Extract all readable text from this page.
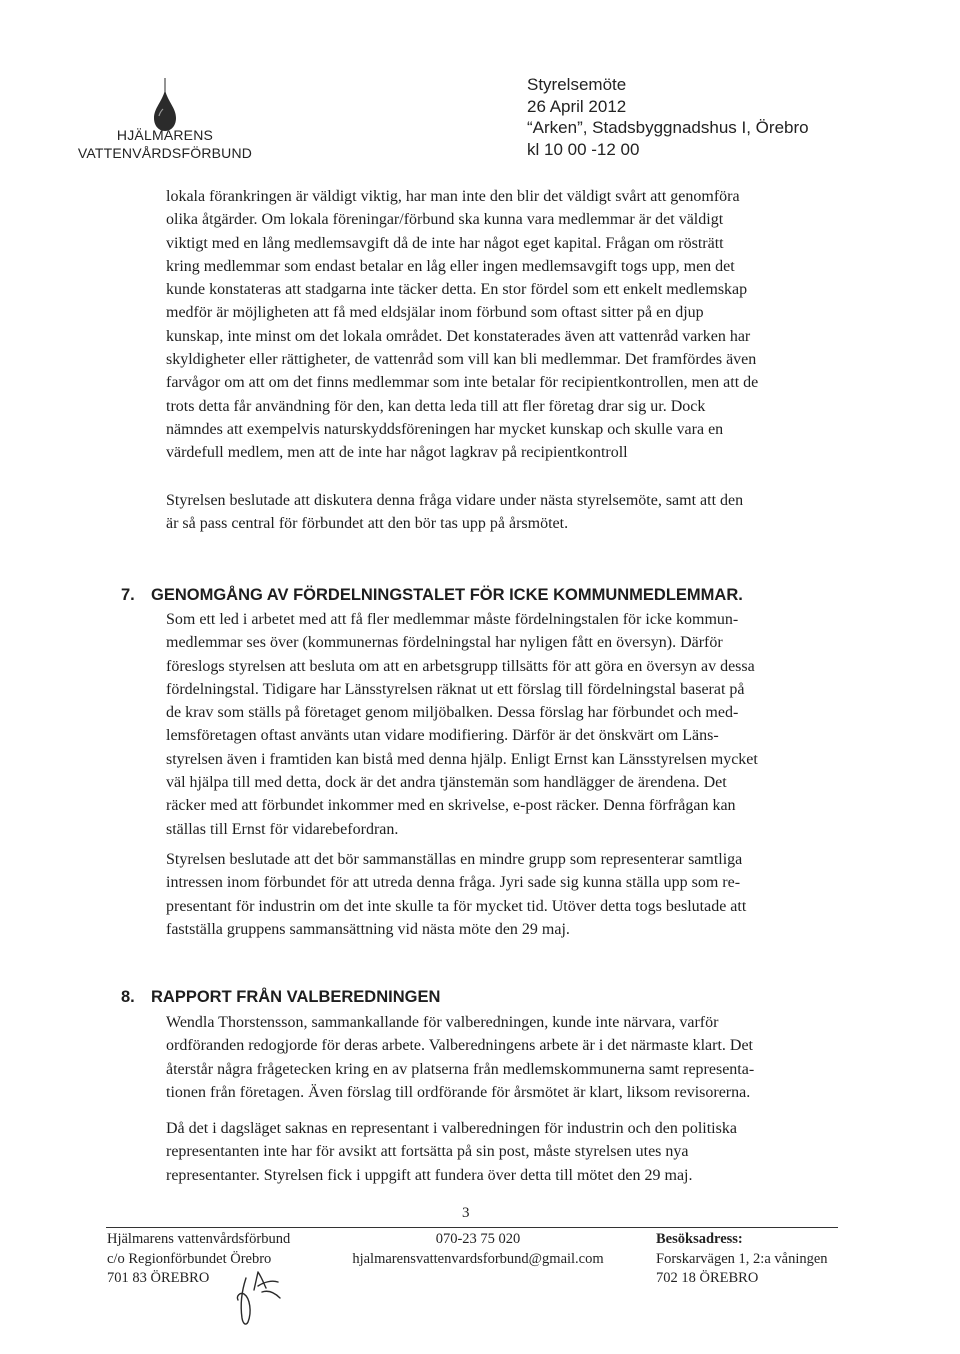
HJÄLMARENS
VATTENVÅRDSFÖRBUND
Styrelsemöte
26 April 2012
“Arken”, Stadsbyggnadshus I, Örebro
kl 10 00 -12 00

lokala förankringen är väldigt viktig, har man inte den blir det väldigt svårt att genomföra
olika åtgärder. Om lokala föreningar/förbund ska kunna vara medlemmar är det väldigt
viktigt med en lång medlemsavgift då de inte har något eget kapital. Frågan om rösträtt
kring medlemmar som endast betalar en låg eller ingen medlemsavgift togs upp, men det
kunde konstateras att stadgarna inte täcker detta. En stor fördel som ett enkelt medlemskap
medför är möjligheten att få med eldsjälar inom förbund som oftast sitter på en djup
kunskap, inte minst om det lokala området. Det konstaterades även att vattenråd varken har
skyldigheter eller rättigheter, de vattenråd som vill kan bli medlemmar. Det framfördes även
farvågor om att om det finns medlemmar som inte betalar för recipientkontrollen, men att de
trots detta får användning för den, kan detta leda till att fler företag drar sig ur. Dock
nämndes att exempelvis naturskyddsföreningen har mycket kunskap och skulle vara en
värdefull medlem, men att de inte har något lagkrav på recipientkontroll

Styrelsen beslutade att diskutera denna fråga vidare under nästa styrelsemöte, samt att den
är så pass central för förbundet att den bör tas upp på årsmötet.

7. GENOMGÅNG AV FÖRDELNINGSTALET FÖR ICKE KOMMUNMEDLEMMAR.

Som ett led i arbetet med att få fler medlemmar måste fördelningstalen för icke kommun-
medlemmar ses över (kommunernas fördelningstal har nyligen fått en översyn). Därför
föreslogs styrelsen att besluta om att en arbetsgrupp tillsätts för att göra en översyn av dessa
fördelningstal. Tidigare har Länsstyrelsen räknat ut ett förslag till fördelningstal baserat på
de krav som ställs på företaget genom miljöbalken. Dessa förslag har förbundet och med-
lemsföretagen oftast använts utan vidare modifiering. Därför är det önskvärt om Läns-
styrelsen även i framtiden kan bistå med denna hjälp. Enligt Ernst kan Länsstyrelsen mycket
väl hjälpa till med detta, dock är det andra tjänstemän som handlägger de ärendena. Det
räcker med att förbundet inkommer med en skrivelse, e-post räcker. Denna förfrågan kan
ställas till Ernst för vidarebefordran.

Styrelsen beslutade att det bör sammanställas en mindre grupp som representerar samtliga
intressen inom förbundet för att utreda denna fråga. Jyri sade sig kunna ställa upp som re-
presentant för industrin om det inte skulle ta för mycket tid. Utöver detta togs beslutade att
fastställa gruppens sammansättning vid nästa möte den 29 maj.

8. RAPPORT FRÅN VALBEREDNINGEN

Wendla Thorstensson, sammankallande för valberedningen, kunde inte närvara, varför
ordföranden redogjorde för deras arbete. Valberedningens arbete är i det närmaste klart. Det
återstår några frågetecken kring en av platserna från medlemskommunerna samt representa-
tionen från företagen. Även förslag till ordförande för årsmötet är klart, liksom revisorerna.

Då det i dagsläget saknas en representant i valberedningen för industrin och den politiska
representanten inte har för avsikt att fortsätta på sin post, måste styrelsen utes nya
representanter. Styrelsen fick i uppgift att fundera över detta till mötet den 29 maj.

3
Hjälmarens vattenvårdsförbund
c/o Regionförbundet Örebro
701 83 ÖREBRO
070-23 75 020
hjalmarensvattenvardsforbund@gmail.com
Besöksadress:
Forskarvägen 1, 2:a våningen
702 18 ÖREBRO
